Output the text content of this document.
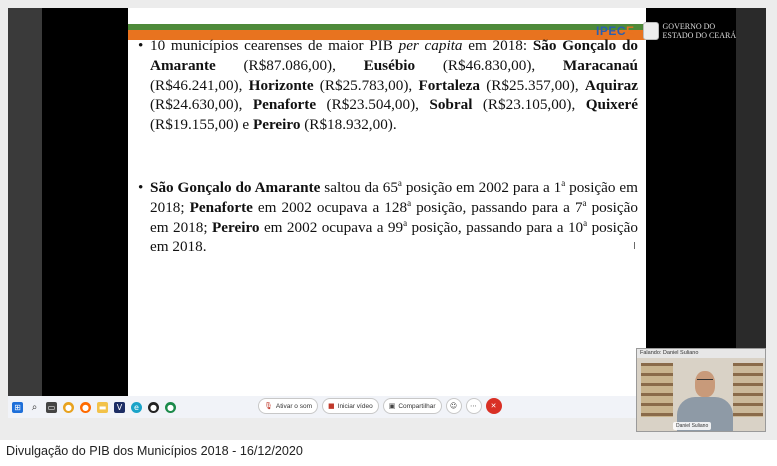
• 10 municípios cearenses de maior PIB per capita em 2018: São Gonçalo do Amarante (R$87.086,00), Eusébio (R$46.830,00), Maracanaú (R$46.241,00), Horizonte (R$25.783,00), Fortaleza (R$25.357,00), Aquiraz (R$24.630,00), Penaforte (R$23.504,00), Sobral (R$23.105,00), Quixeré (R$19.155,00) e Pereiro (R$18.932,00).
• São Gonçalo do Amarante saltou da 65$^a$ posição em 2002 para a 1$^a$ posição em 2018; Penaforte em 2002 ocupava a 128$^a$ posição, passando para a 7$^a$ posição em 2018; Pereiro em 2002 ocupava a 99$^a$ posição, passando para a 10$^a$ posição em 2018.
IPECE	GOVERNO DO
ESTADO DO CEARÁ
I
⊞ ⌕	▭ ● ● ▬	V	e	● ●	🎙 Ativar o som ■ Iniciar vídeo ▣ Compartilhar ☺ ⋯ ✕
Falando: Daniel Suliano
Daniel Suliano
Divulgação do PIB dos Municípios 2018 - 16/12/2020
